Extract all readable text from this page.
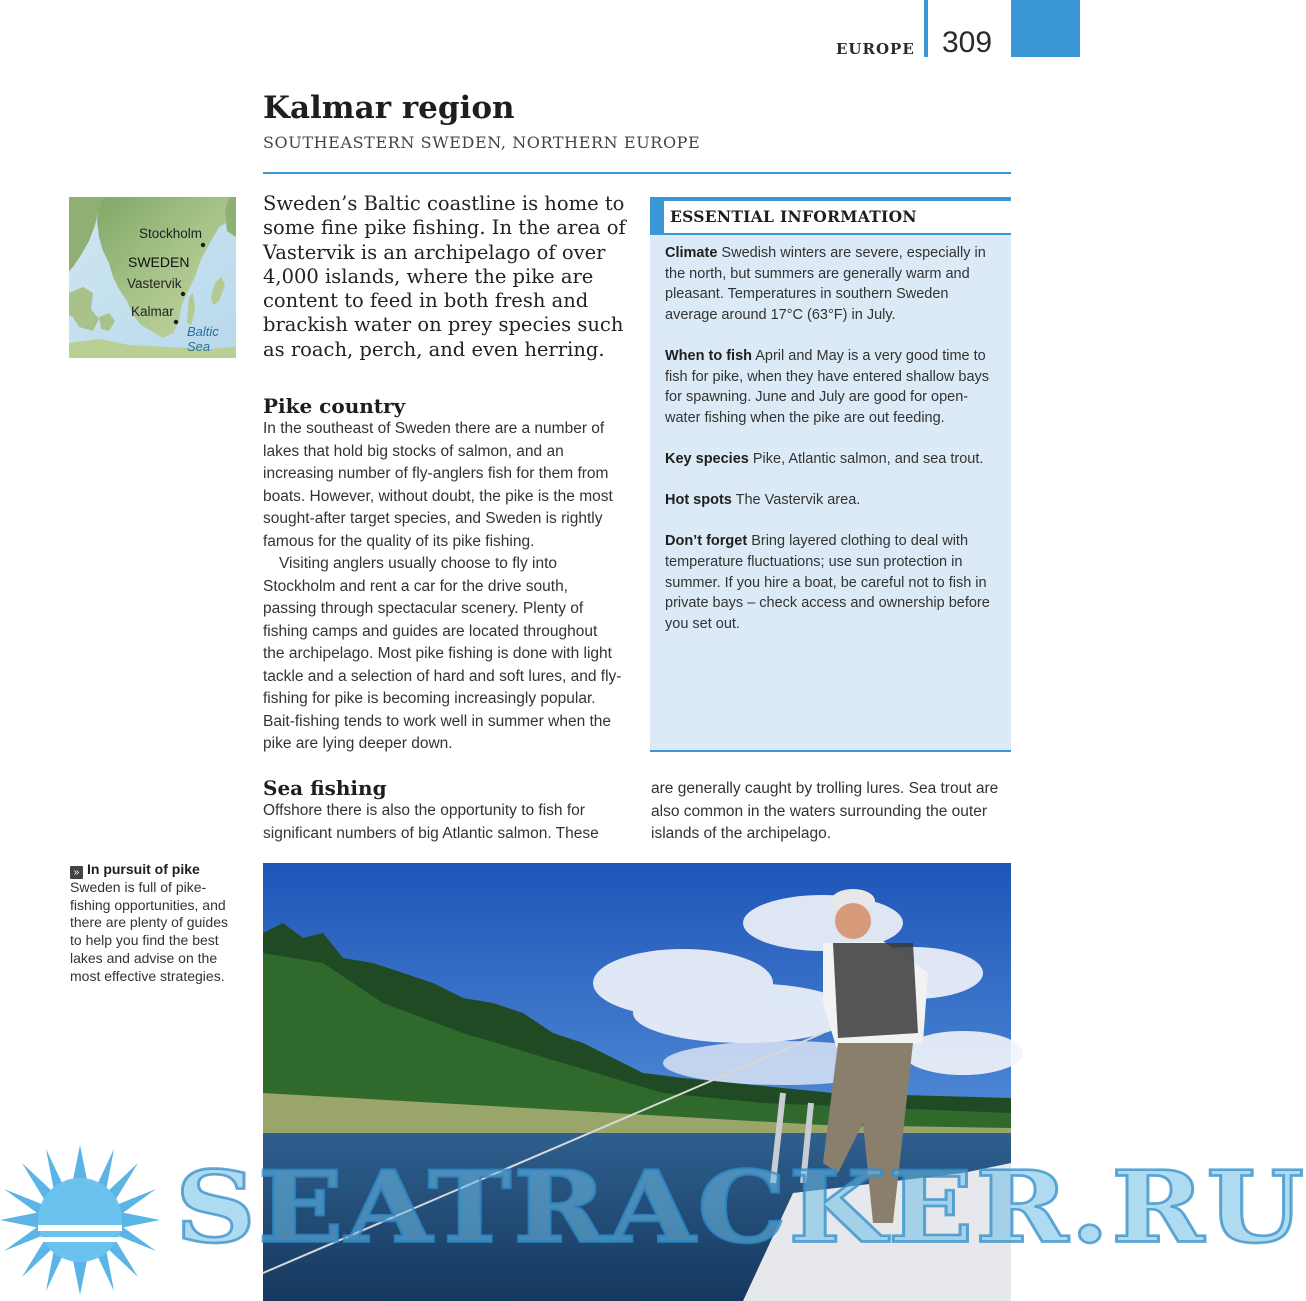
EUROPE 309
Kalmar region
SOUTHEASTERN SWEDEN, NORTHERN EUROPE
Stockholm
SWEDEN
Vastervik
Kalmar
Baltic
Sea

Sweden’s Baltic coastline is home to some fine pike fishing. In the area of Vastervik is an archipelago of over 4,000 islands, where the pike are content to feed in both fresh and brackish water on prey species such as roach, perch, and even herring.

Pike country

In the southeast of Sweden there are a number of lakes that hold big stocks of salmon, and an increasing number of fly-anglers fish for them from boats. However, without doubt, the pike is the most sought-after target species, and Sweden is rightly famous for the quality of its pike fishing.

Visiting anglers usually choose to fly into Stockholm and rent a car for the drive south, passing through spectacular scenery. Plenty of fishing camps and guides are located throughout the archipelago. Most pike fishing is done with light tackle and a selection of hard and soft lures, and fly-fishing for pike is becoming increasingly popular. Bait-fishing tends to work well in summer when the pike are lying deeper down.

Sea fishing

Offshore there is also the opportunity to fish for significant numbers of big Atlantic salmon. These

are generally caught by trolling lures. Sea trout are also common in the waters surrounding the outer islands of the archipelago.

ESSENTIAL INFORMATION

Climate Swedish winters are severe, especially in the north, but summers are generally warm and pleasant. Temperatures in southern Sweden average around 17°C (63°F) in July.

When to fish April and May is a very good time to fish for pike, when they have entered shallow bays for spawning. June and July are good for open-water fishing when the pike are out feeding.

Key species Pike, Atlantic salmon, and sea trout.

Hot spots The Vastervik area.

Don’t forget Bring layered clothing to deal with temperature fluctuations; use sun protection in summer. If you hire a boat, be careful not to fish in private bays – check access and ownership before you set out.

» In pursuit of pike
Sweden is full of pike-fishing opportunities, and there are plenty of guides to help you find the best lakes and advise on the most effective strategies.
SEATRACKER.RU
